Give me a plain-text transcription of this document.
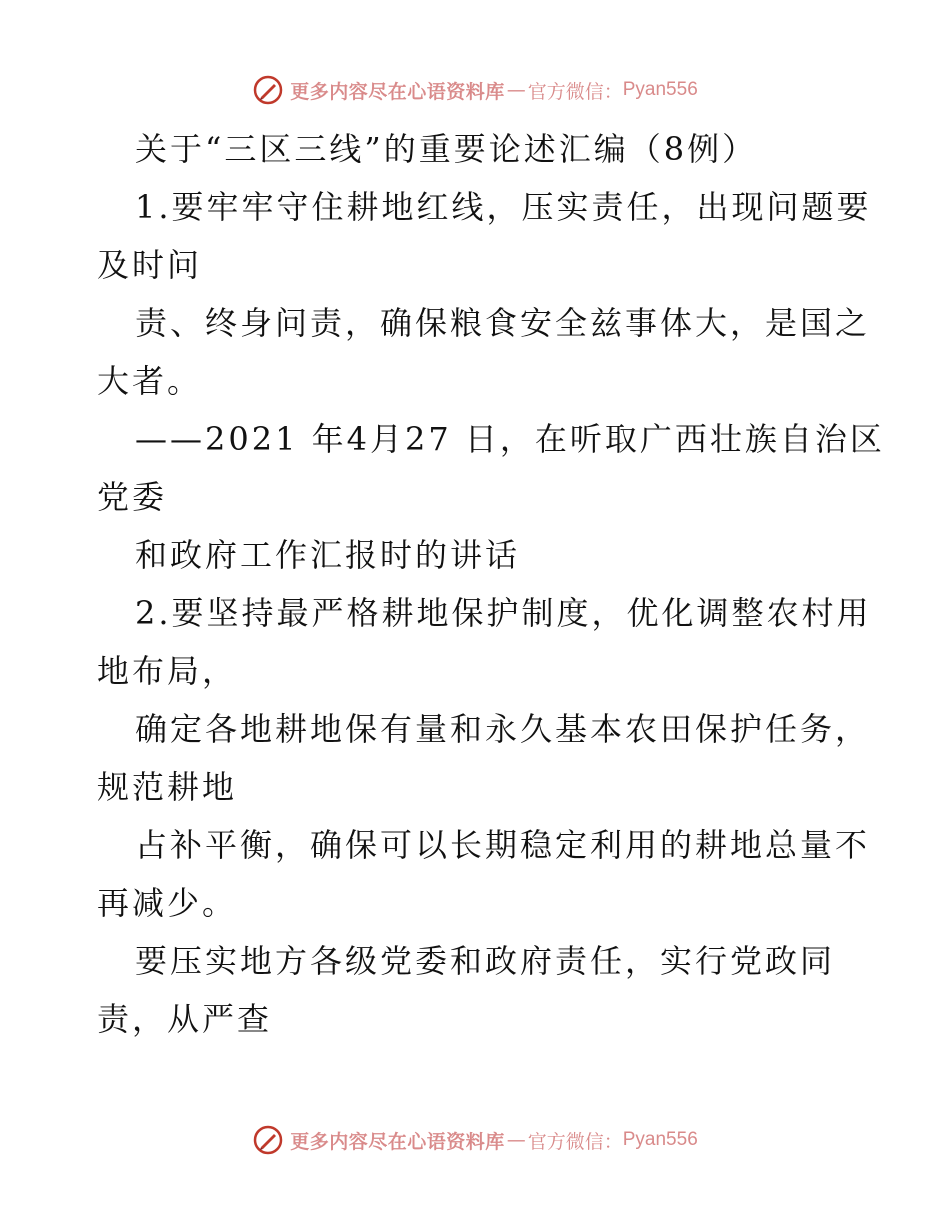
更多内容尽在心语资料库 — 官方微信： Pyan556
关于“三区三线”的重要论述汇编（8例）
1.要牢牢守住耕地红线，压实责任，出现问题要
及时问
责、终身问责，确保粮食安全兹事体大，是国之
大者。
——2021 年4月27 日，在听取广西壮族自治区
党委
和政府工作汇报时的讲话
2.要坚持最严格耕地保护制度，优化调整农村用
地布局，
确定各地耕地保有量和永久基本农田保护任务，
规范耕地
占补平衡，确保可以长期稳定利用的耕地总量不
再减少。
要压实地方各级党委和政府责任，实行党政同
责，从严查
更多内容尽在心语资料库 — 官方微信： Pyan556
